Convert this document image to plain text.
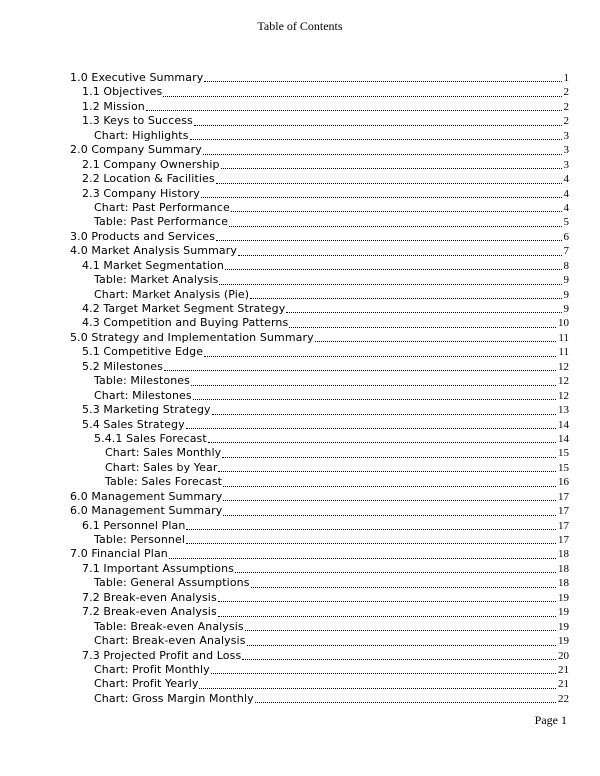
Table of Contents
1.0 Executive Summary	1
1.1 Objectives	2
1.2 Mission	2
1.3 Keys to Success	2
Chart: Highlights	3
2.0 Company Summary	3
2.1 Company Ownership	3
2.2 Location & Facilities	4
2.3 Company History	4
Chart: Past Performance	4
Table: Past Performance	5
3.0 Products and Services	6
4.0 Market Analysis Summary	7
4.1 Market Segmentation	8
Table: Market Analysis	9
Chart: Market Analysis (Pie)	9
4.2 Target Market Segment Strategy	9
4.3 Competition and Buying Patterns	10
5.0 Strategy and Implementation Summary	11
5.1 Competitive Edge	11
5.2 Milestones	12
Table: Milestones	12
Chart: Milestones	12
5.3 Marketing Strategy	13
5.4 Sales Strategy	14
5.4.1 Sales Forecast	14
Chart: Sales Monthly	15
Chart: Sales by Year	15
Table: Sales Forecast	16
6.0 Management Summary	17
6.0 Management Summary	17
6.1 Personnel Plan	17
Table: Personnel	17
7.0 Financial Plan	18
7.1 Important Assumptions	18
Table: General Assumptions	18
7.2 Break-even Analysis	19
7.2 Break-even Analysis	19
Table: Break-even Analysis	19
Chart: Break-even Analysis	19
7.3 Projected Profit and Loss	20
Chart: Profit Monthly	21
Chart: Profit Yearly	21
Chart: Gross Margin Monthly	22
Page 1
